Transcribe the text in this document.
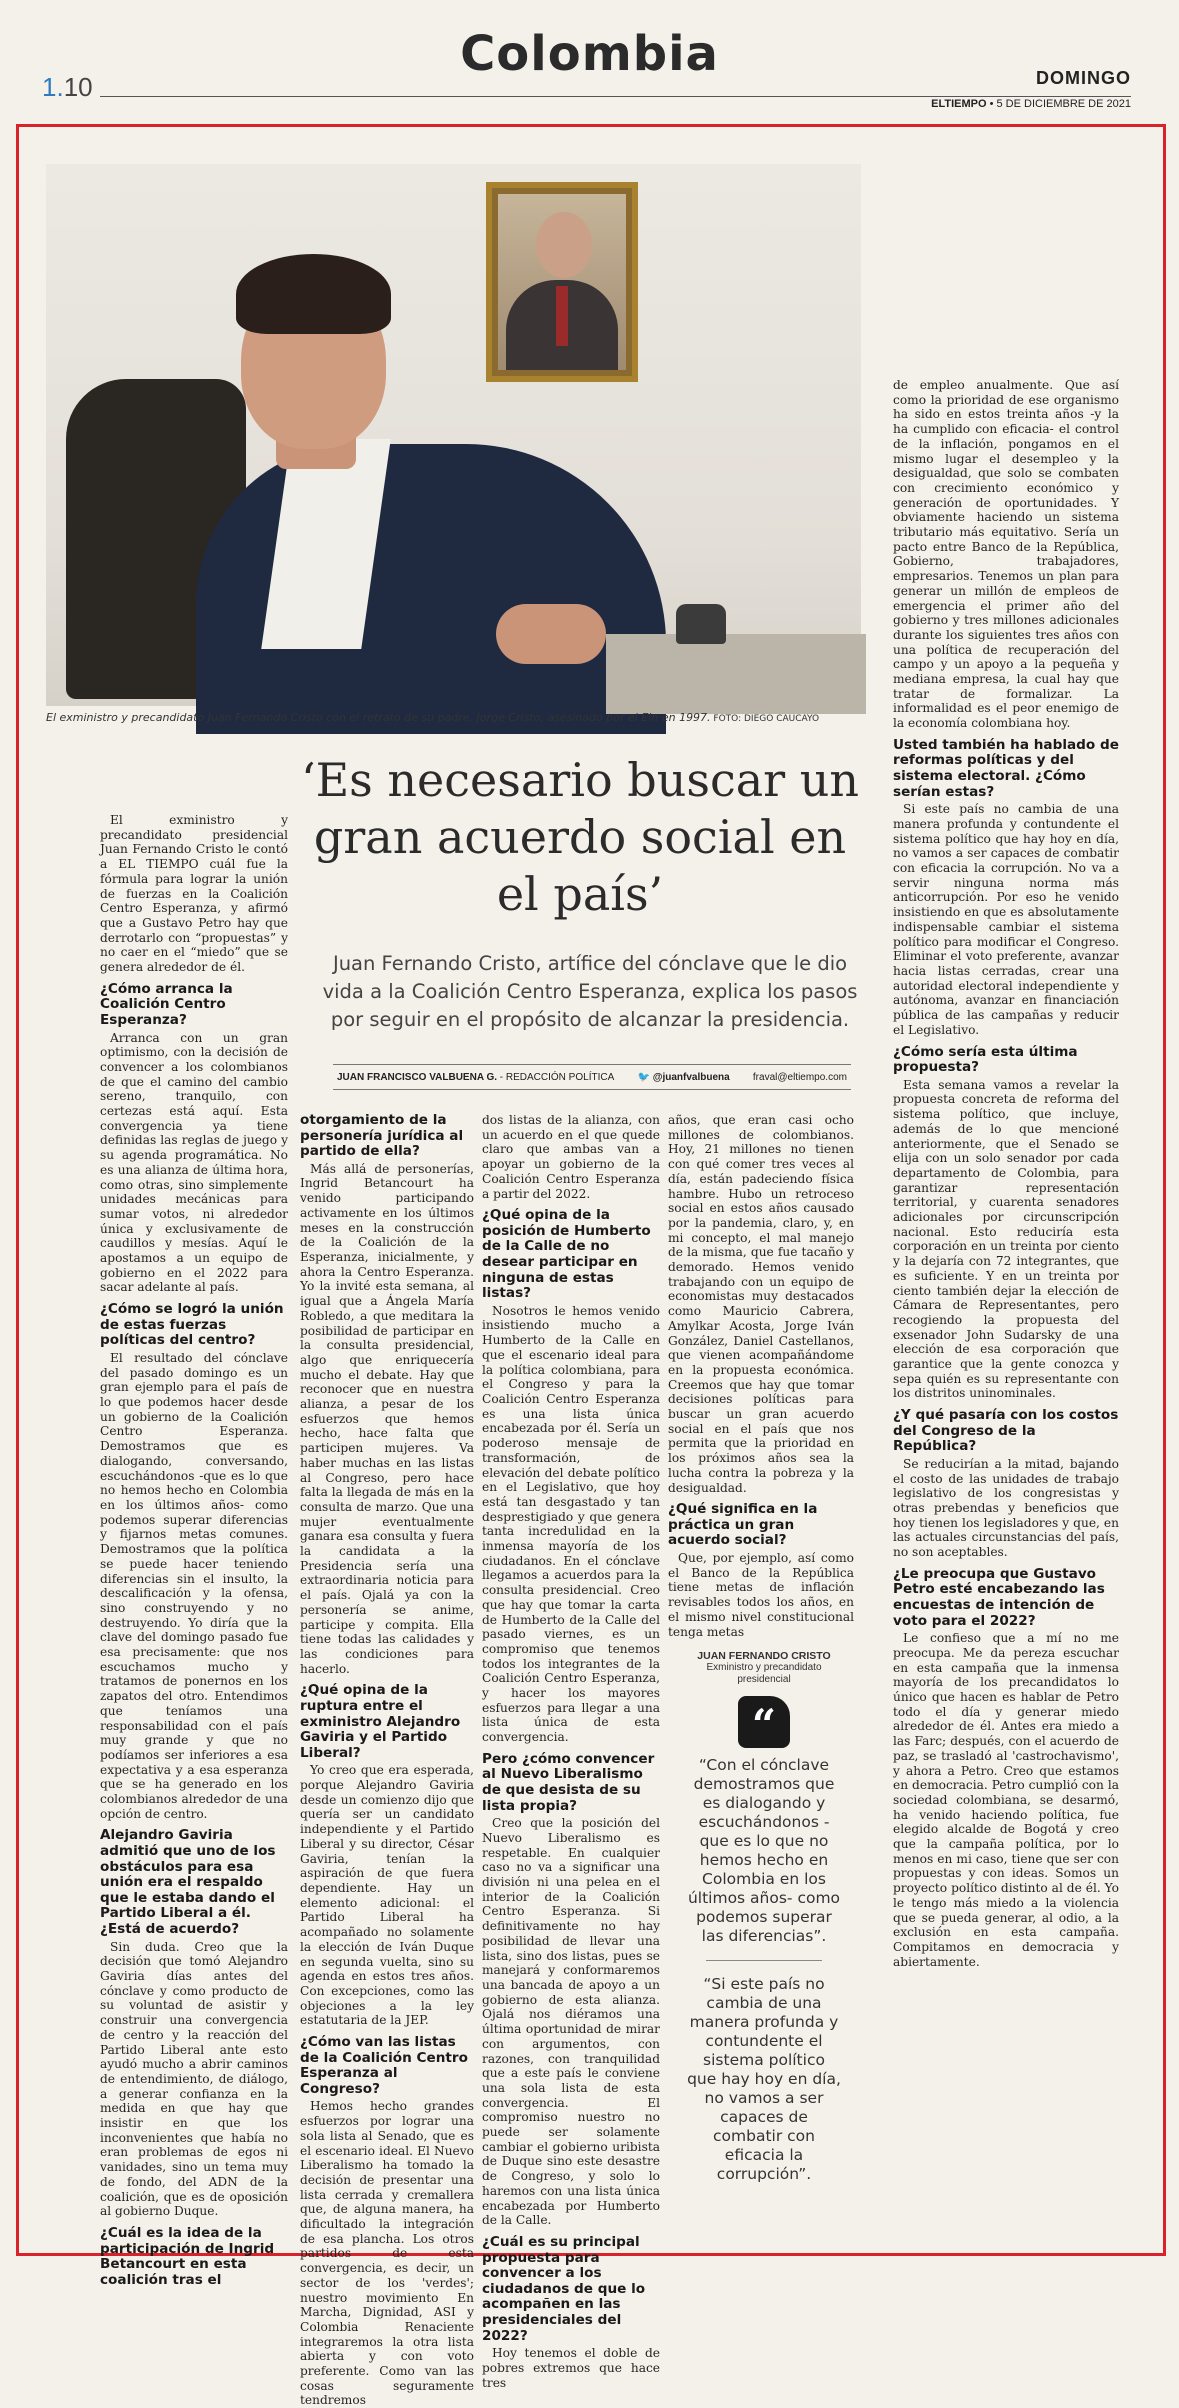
1.10
Colombia	DOMINGO
ELTIEMPO • 5 DE DICIEMBRE DE 2021
El exministro y precandidato Juan Fernando Cristo con el retrato de su padre, Jorge Cristo, asesinado por el Eln en 1997. FOTO: DIEGO CAUCAYO
‘Es necesario buscar un gran acuerdo social en el país’
Juan Fernando Cristo, artífice del cónclave que le dio vida a la Coalición Centro Esperanza, explica los pasos por seguir en el propósito de alcanzar la presidencia.
JUAN FRANCISCO VALBUENA G. - REDACCIÓN POLÍTICA 🐦 @juanfvalbuena fraval@eltiempo.com

El exministro y precandidato presidencial Juan Fernando Cristo le contó a EL TIEMPO cuál fue la fórmula para lograr la unión de fuerzas en la Coalición Centro Esperanza, y afirmó que a Gustavo Petro hay que derrotarlo con “propuestas” y no caer en el “miedo” que se genera alrededor de él.

¿Cómo arranca la Coalición Centro Esperanza?

Arranca con un gran optimismo, con la decisión de convencer a los colombianos de que el camino del cambio sereno, tranquilo, con certezas está aquí. Esta convergencia ya tiene definidas las reglas de juego y su agenda programática. No es una alianza de última hora, como otras, sino simplemente unidades mecánicas para sumar votos, ni alrededor única y exclusivamente de caudillos y mesías. Aquí le apostamos a un equipo de gobierno en el 2022 para sacar adelante al país.

¿Cómo se logró la unión de estas fuerzas políticas del centro?

El resultado del cónclave del pasado domingo es un gran ejemplo para el país de lo que podemos hacer desde un gobierno de la Coalición Centro Esperanza. Demostramos que es dialogando, conversando, escuchándonos -que es lo que no hemos hecho en Colombia en los últimos años- como podemos superar diferencias y fijarnos metas comunes. Demostramos que la política se puede hacer teniendo diferencias sin el insulto, la descalificación y la ofensa, sino construyendo y no destruyendo. Yo diría que la clave del domingo pasado fue esa precisamente: que nos escuchamos mucho y tratamos de ponernos en los zapatos del otro. Entendimos que teníamos una responsabilidad con el país muy grande y que no podíamos ser inferiores a esa expectativa y a esa esperanza que se ha generado en los colombianos alrededor de una opción de centro.

Alejandro Gaviria admitió que uno de los obstáculos para esa unión era el respaldo que le estaba dando el Partido Liberal a él. ¿Está de acuerdo?

Sin duda. Creo que la decisión que tomó Alejandro Gaviria días antes del cónclave y como producto de su voluntad de asistir y construir una convergencia de centro y la reacción del Partido Liberal ante esto ayudó mucho a abrir caminos de entendimiento, de diálogo, a generar confianza en la medida en que hay que insistir en que los inconvenientes que había no eran problemas de egos ni vanidades, sino un tema muy de fondo, del ADN de la coalición, que es de oposición al gobierno Duque.

¿Cuál es la idea de la participación de Ingrid Betancourt en esta coalición tras el
otorgamiento de la personería jurídica al partido de ella?

Más allá de personerías, Ingrid Betancourt ha venido participando activamente en los últimos meses en la construcción de la Coalición de la Esperanza, inicialmente, y ahora la Centro Esperanza. Yo la invité esta semana, al igual que a Ángela María Robledo, a que meditara la posibilidad de participar en la consulta presidencial, algo que enriquecería mucho el debate. Hay que reconocer que en nuestra alianza, a pesar de los esfuerzos que hemos hecho, hace falta que participen mujeres. Va haber muchas en las listas al Congreso, pero hace falta la llegada de más en la consulta de marzo. Que una mujer eventualmente ganara esa consulta y fuera la candidata a la Presidencia sería una extraordinaria noticia para el país. Ojalá ya con la personería se anime, participe y compita. Ella tiene todas las calidades y las condiciones para hacerlo.

¿Qué opina de la ruptura entre el exministro Alejandro Gaviria y el Partido Liberal?

Yo creo que era esperada, porque Alejandro Gaviria desde un comienzo dijo que quería ser un candidato independiente y el Partido Liberal y su director, César Gaviria, tenían la aspiración de que fuera dependiente. Hay un elemento adicional: el Partido Liberal ha acompañado no solamente la elección de Iván Duque en segunda vuelta, sino su agenda en estos tres años. Con excepciones, como las objeciones a la ley estatutaria de la JEP.

¿Cómo van las listas de la Coalición Centro Esperanza al Congreso?

Hemos hecho grandes esfuerzos por lograr una sola lista al Senado, que es el escenario ideal. El Nuevo Liberalismo ha tomado la decisión de presentar una lista cerrada y cremallera que, de alguna manera, ha dificultado la integración de esa plancha. Los otros partidos de esta convergencia, es decir, un sector de los 'verdes'; nuestro movimiento En Marcha, Dignidad, ASI y Colombia Renaciente integraremos la otra lista abierta y con voto preferente. Como van las cosas seguramente tendremos

dos listas de la alianza, con un acuerdo en el que quede claro que ambas van a apoyar un gobierno de la Coalición Centro Esperanza a partir del 2022.

¿Qué opina de la posición de Humberto de la Calle de no desear participar en ninguna de estas listas?

Nosotros le hemos venido insistiendo mucho a Humberto de la Calle en que el escenario ideal para la política colombiana, para el Congreso y para la Coalición Centro Esperanza es una lista única encabezada por él. Sería un poderoso mensaje de transformación, de elevación del debate político en el Legislativo, que hoy está tan desgastado y tan desprestigiado y que genera tanta incredulidad en la inmensa mayoría de los ciudadanos. En el cónclave llegamos a acuerdos para la consulta presidencial. Creo que hay que tomar la carta de Humberto de la Calle del pasado viernes, es un compromiso que tenemos todos los integrantes de la Coalición Centro Esperanza, y hacer los mayores esfuerzos para llegar a una lista única de esta convergencia.

Pero ¿cómo convencer al Nuevo Liberalismo de que desista de su lista propia?

Creo que la posición del Nuevo Liberalismo es respetable. En cualquier caso no va a significar una división ni una pelea en el interior de la Coalición Centro Esperanza. Si definitivamente no hay posibilidad de llevar una lista, sino dos listas, pues se manejará y conformaremos una bancada de apoyo a un gobierno de esta alianza. Ojalá nos diéramos una última oportunidad de mirar con argumentos, con razones, con tranquilidad que a este país le conviene una sola lista de esta convergencia. El compromiso nuestro no puede ser solamente cambiar el gobierno uribista de Duque sino este desastre de Congreso, y solo lo haremos con una lista única encabezada por Humberto de la Calle.

¿Cuál es su principal propuesta para convencer a los ciudadanos de que lo acompañen en las presidenciales del 2022?

Hoy tenemos el doble de pobres extremos que hace tres

años, que eran casi ocho millones de colombianos. Hoy, 21 millones no tienen con qué comer tres veces al día, están padeciendo física hambre. Hubo un retroceso social en estos años causado por la pandemia, claro, y, en mi concepto, el mal manejo de la misma, que fue tacaño y demorado. Hemos venido trabajando con un equipo de economistas muy destacados como Mauricio Cabrera, Amylkar Acosta, Jorge Iván González, Daniel Castellanos, que vienen acompañándome en la propuesta económica. Creemos que hay que tomar decisiones políticas para buscar un gran acuerdo social en el país que nos permita que la prioridad en los próximos años sea la lucha contra la pobreza y la desigualdad.

¿Qué significa en la práctica un gran acuerdo social?

Que, por ejemplo, así como el Banco de la República tiene metas de inflación revisables todos los años, en el mismo nivel constitucional tenga metas

JUAN FERNANDO CRISTO
Exministro y precandidato presidencial
“
“Con el cónclave demostramos que es dialogando y escuchándonos -que es lo que no hemos hecho en Colombia en los últimos años- como podemos superar las diferencias”.
“Si este país no cambia de una manera profunda y contundente el sistema político que hay hoy en día, no vamos a ser capaces de combatir con eficacia la corrupción”.

de empleo anualmente. Que así como la prioridad de ese organismo ha sido en estos treinta años -y la ha cumplido con eficacia- el control de la inflación, pongamos en el mismo lugar el desempleo y la desigualdad, que solo se combaten con crecimiento económico y generación de oportunidades. Y obviamente haciendo un sistema tributario más equitativo. Sería un pacto entre Banco de la República, Gobierno, trabajadores, empresarios. Tenemos un plan para generar un millón de empleos de emergencia el primer año del gobierno y tres millones adicionales durante los siguientes tres años con una política de recuperación del campo y un apoyo a la pequeña y mediana empresa, la cual hay que tratar de formalizar. La informalidad es el peor enemigo de la economía colombiana hoy.

Usted también ha hablado de reformas políticas y del sistema electoral. ¿Cómo serían estas?

Si este país no cambia de una manera profunda y contundente el sistema político que hay hoy en día, no vamos a ser capaces de combatir con eficacia la corrupción. No va a servir ninguna norma más anticorrupción. Por eso he venido insistiendo en que es absolutamente indispensable cambiar el sistema político para modificar el Congreso. Eliminar el voto preferente, avanzar hacia listas cerradas, crear una autoridad electoral independiente y autónoma, avanzar en financiación pública de las campañas y reducir el Legislativo.

¿Cómo sería esta última propuesta?

Esta semana vamos a revelar la propuesta concreta de reforma del sistema político, que incluye, además de lo que mencioné anteriormente, que el Senado se elija con un solo senador por cada departamento de Colombia, para garantizar representación territorial, y cuarenta senadores adicionales por circunscripción nacional. Esto reduciría esta corporación en un treinta por ciento y la dejaría con 72 integrantes, que es suficiente. Y en un treinta por ciento también dejar la elección de Cámara de Representantes, pero recogiendo la propuesta del exsenador John Sudarsky de una elección de esa corporación que garantice que la gente conozca y sepa quién es su representante con los distritos uninominales.

¿Y qué pasaría con los costos del Congreso de la República?

Se reducirían a la mitad, bajando el costo de las unidades de trabajo legislativo de los congresistas y otras prebendas y beneficios que hoy tienen los legisladores y que, en las actuales circunstancias del país, no son aceptables.

¿Le preocupa que Gustavo Petro esté encabezando las encuestas de intención de voto para el 2022?

Le confieso que a mí no me preocupa. Me da pereza escuchar en esta campaña que la inmensa mayoría de los precandidatos lo único que hacen es hablar de Petro todo el día y generar miedo alrededor de él. Antes era miedo a las Farc; después, con el acuerdo de paz, se trasladó al 'castrochavismo', y ahora a Petro. Creo que estamos en democracia. Petro cumplió con la sociedad colombiana, se desarmó, ha venido haciendo política, fue elegido alcalde de Bogotá y creo que la campaña política, por lo menos en mi caso, tiene que ser con propuestas y con ideas. Somos un proyecto político distinto al de él. Yo le tengo más miedo a la violencia que se pueda generar, al odio, a la exclusión en esta campaña. Compitamos en democracia y abiertamente.
